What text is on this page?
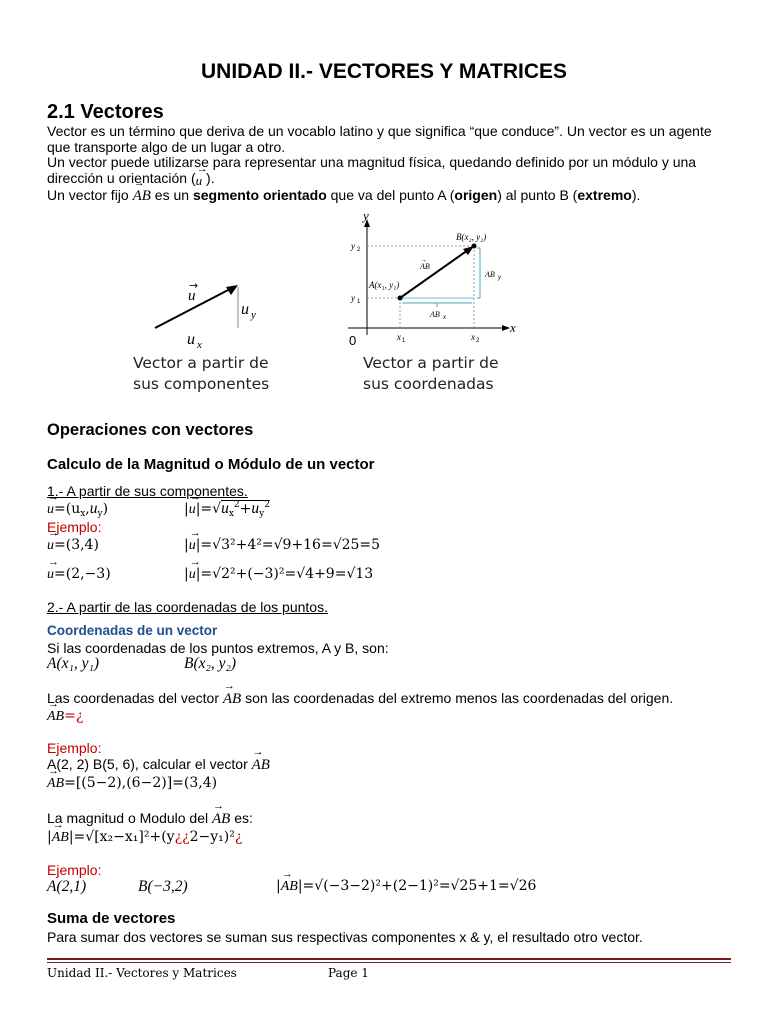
UNIDAD II.- VECTORES Y MATRICES
2.1 Vectores
Vector es un término que deriva de un vocablo latino y que significa “que conduce”. Un vector es un agente
que transporte algo de un lugar a otro.
Un vector puede utilizarse para representar una magnitud física, quedando definido por un módulo y una
dirección u orientación (→ u ).
Un vector fijo → AB es un segmento orientado que va del punto A (origen) al punto B (extremo).
u
→
u y
u x
Vector a partir de
sus componentes
y
x
0
y 2
y 1
x 1	x 2
B(x₂, y₂)
A(x₁, y₁)
AB
→
AB y
AB x
Vector a partir de
sus coordenadas
Operaciones con vectores
Calculo de la Magnitud o Módulo de un vector
1.- A partir de sus componentes.
→ $u=(u_x,u_y)$	|→ $u|=√u_x^2+u_y^2$
Ejemplo:
→ u=(3,4)	|→ u|=√3²+4²=√9+16=√25=5
→ u=(2,−3)	|→ u|=√2²+(−3)²=√4+9=√13
2.- A partir de las coordenadas de los puntos.
Coordenadas de un vector
Si las coordenadas de los puntos extremos, A y B, son:
A(x₁, y₁)	B(x₂, y₂)
Las coordenadas del vector → AB son las coordenadas del extremo menos las coordenadas del origen.
→ AB=¿
Ejemplo:
A(2, 2) B(5, 6), calcular el vector → AB
→ AB=[(5−2),(6−2)]=(3,4)
La magnitud o Modulo del → AB es:
|→ AB|=√[x₂−x₁]²+(y¿¿2−y₁)²¿
Ejemplo:
A(2,1)	B(−3,2)	|→ AB|=√(−3−2)²+(2−1)²=√25+1=√26
Suma de vectores
Para sumar dos vectores se suman sus respectivas componentes x & y, el resultado otro vector.
Unidad II.- Vectores y Matrices	Page 1
